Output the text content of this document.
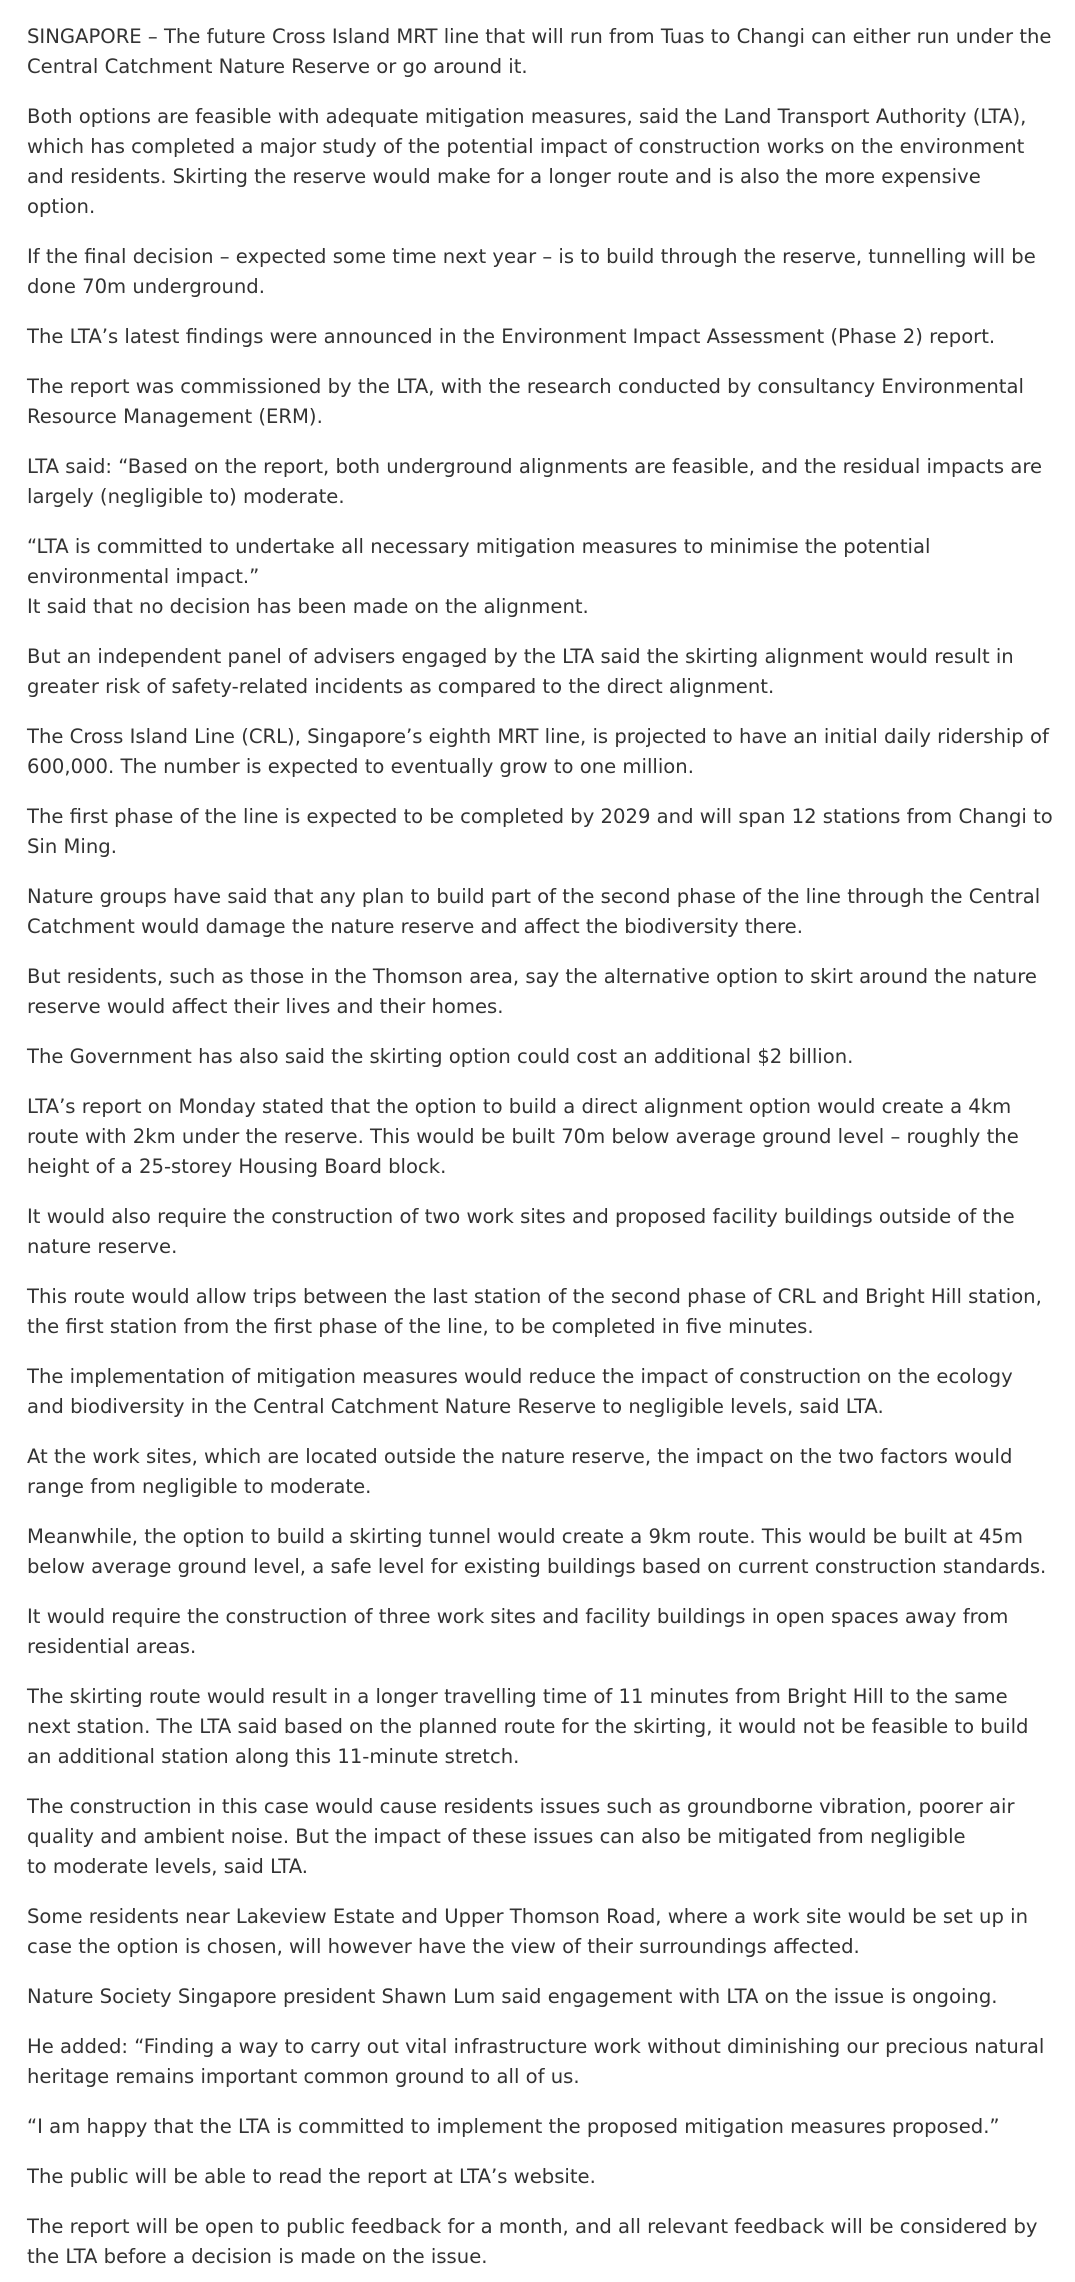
SINGAPORE – The future Cross Island MRT line that will run from Tuas to Changi can either run under the Central Catchment Nature Reserve or go around it.

Both options are feasible with adequate mitigation measures, said the Land Transport Authority (LTA), which has completed a major study of the potential impact of construction works on the environment and residents. Skirting the reserve would make for a longer route and is also the more expensive option.

If the final decision – expected some time next year – is to build through the reserve, tunnelling will be done 70m underground.

The LTA’s latest findings were announced in the Environment Impact Assessment (Phase 2) report.

The report was commissioned by the LTA, with the research conducted by consultancy Environmental Resource Management (ERM).

LTA said: “Based on the report, both underground alignments are feasible, and the residual impacts are largely (negligible to) moderate.

“LTA is committed to undertake all necessary mitigation measures to minimise the potential environmental impact.”
It said that no decision has been made on the alignment.

But an independent panel of advisers engaged by the LTA said the skirting alignment would result in greater risk of safety-related incidents as compared to the direct alignment.

The Cross Island Line (CRL), Singapore’s eighth MRT line, is projected to have an initial daily ridership of 600,000. The number is expected to eventually grow to one million.

The first phase of the line is expected to be completed by 2029 and will span 12 stations from Changi to Sin Ming.

Nature groups have said that any plan to build part of the second phase of the line through the Central Catchment would damage the nature reserve and affect the biodiversity there.

But residents, such as those in the Thomson area, say the alternative option to skirt around the nature reserve would affect their lives and their homes.

The Government has also said the skirting option could cost an additional $2 billion.

LTA’s report on Monday stated that the option to build a direct alignment option would create a 4km route with 2km under the reserve. This would be built 70m below average ground level – roughly the height of a 25-storey Housing Board block.

It would also require the construction of two work sites and proposed facility buildings outside of the nature reserve.

This route would allow trips between the last station of the second phase of CRL and Bright Hill station, the first station from the first phase of the line, to be completed in five minutes.

The implementation of mitigation measures would reduce the impact of construction on the ecology and biodiversity in the Central Catchment Nature Reserve to negligible levels, said LTA.

At the work sites, which are located outside the nature reserve, the impact on the two factors would range from negligible to moderate.

Meanwhile, the option to build a skirting tunnel would create a 9km route. This would be built at 45m below average ground level, a safe level for existing buildings based on current construction standards.

It would require the construction of three work sites and facility buildings in open spaces away from residential areas.

The skirting route would result in a longer travelling time of 11 minutes from Bright Hill to the same next station. The LTA said based on the planned route for the skirting, it would not be feasible to build an additional station along this 11-minute stretch.

The construction in this case would cause residents issues such as groundborne vibration, poorer air quality and ambient noise. But the impact of these issues can also be mitigated from negligible
to moderate levels, said LTA.

Some residents near Lakeview Estate and Upper Thomson Road, where a work site would be set up in case the option is chosen, will however have the view of their surroundings affected.

Nature Society Singapore president Shawn Lum said engagement with LTA on the issue is ongoing.

He added: “Finding a way to carry out vital infrastructure work without diminishing our precious natural heritage remains important common ground to all of us.

“I am happy that the LTA is committed to implement the proposed mitigation measures proposed.”

The public will be able to read the report at LTA’s website.

The report will be open to public feedback for a month, and all relevant feedback will be considered by the LTA before a decision is made on the issue.
